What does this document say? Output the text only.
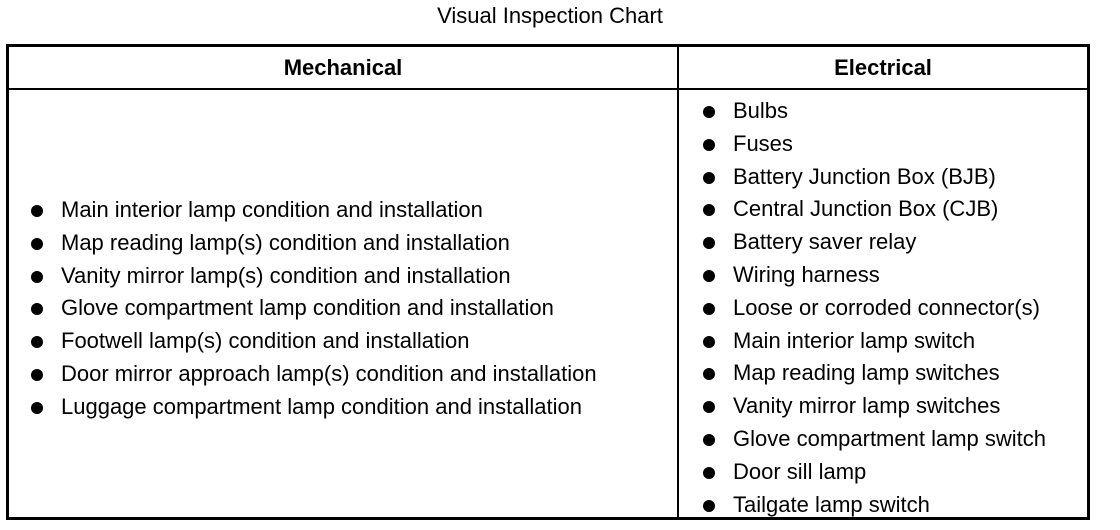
Visual Inspection Chart
Mechanical	Electrical
Main interior lamp condition and installation
Map reading lamp(s) condition and installation
Vanity mirror lamp(s) condition and installation
Glove compartment lamp condition and installation
Footwell lamp(s) condition and installation
Door mirror approach lamp(s) condition and installation
Luggage compartment lamp condition and installation
Bulbs
Fuses
Battery Junction Box (BJB)
Central Junction Box (CJB)
Battery saver relay
Wiring harness
Loose or corroded connector(s)
Main interior lamp switch
Map reading lamp switches
Vanity mirror lamp switches
Glove compartment lamp switch
Door sill lamp
Tailgate lamp switch
